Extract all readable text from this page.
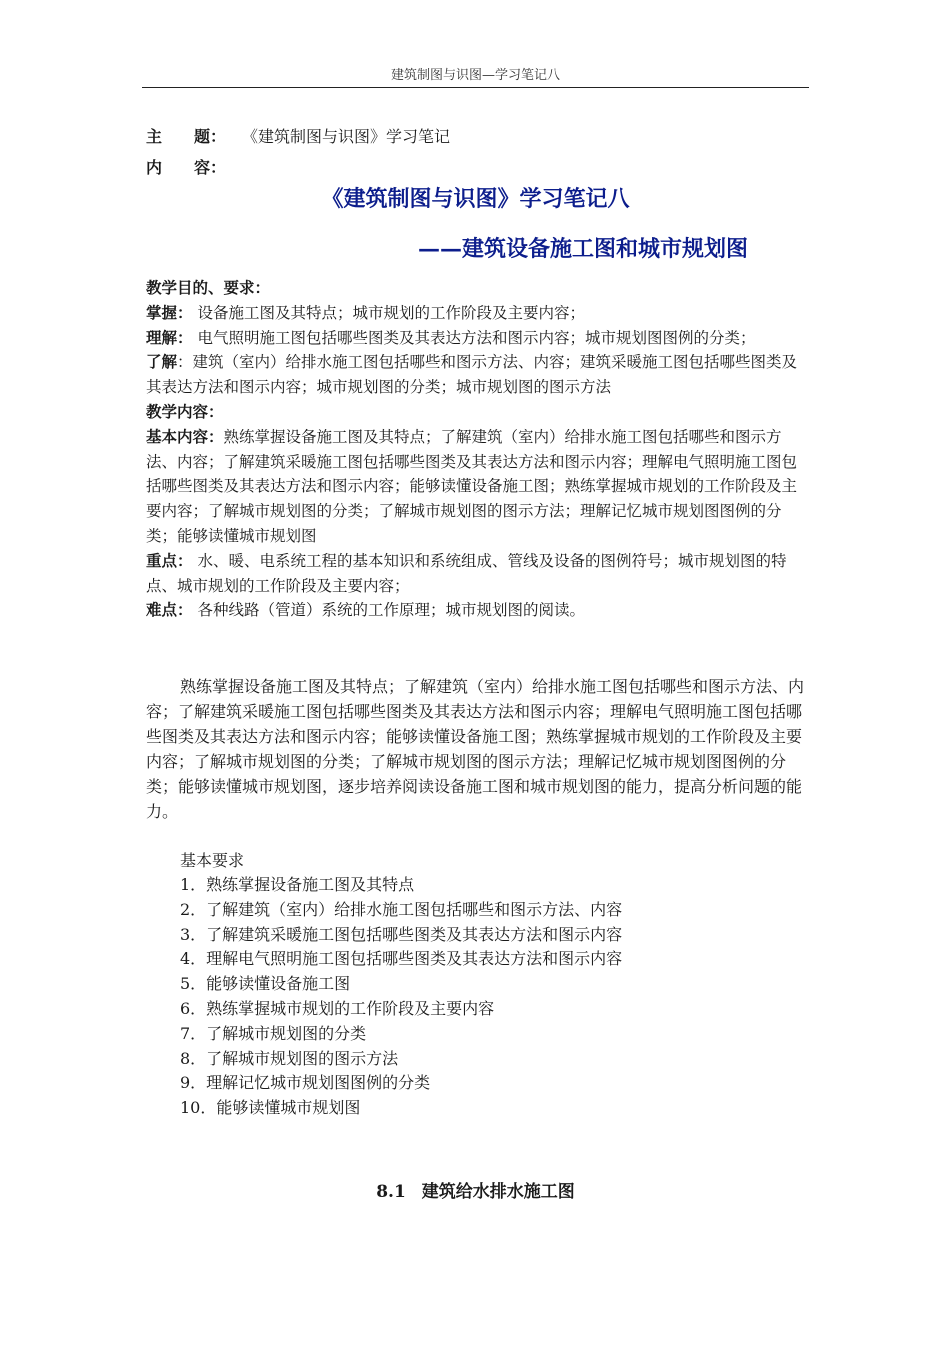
建筑制图与识图—学习笔记八
主　　题： 《建筑制图与识图》学习笔记
内　　容：
《建筑制图与识图》学习笔记八
——建筑设备施工图和城市规划图
教学目的、要求：
掌握： 设备施工图及其特点；城市规划的工作阶段及主要内容；
理解： 电气照明施工图包括哪些图类及其表达方法和图示内容；城市规划图图例的分类；
了解：建筑（室内）给排水施工图包括哪些和图示方法、内容；建筑采暖施工图包括哪些图类及其表达方法和图示内容；城市规划图的分类；城市规划图的图示方法
教学内容：
基本内容：熟练掌握设备施工图及其特点；了解建筑（室内）给排水施工图包括哪些和图示方法、内容；了解建筑采暖施工图包括哪些图类及其表达方法和图示内容；理解电气照明施工图包括哪些图类及其表达方法和图示内容；能够读懂设备施工图；熟练掌握城市规划的工作阶段及主要内容；了解城市规划图的分类；了解城市规划图的图示方法；理解记忆城市规划图图例的分类；能够读懂城市规划图
重点： 水、暖、电系统工程的基本知识和系统组成、管线及设备的图例符号；城市规划图的特点、城市规划的工作阶段及主要内容；
难点： 各种线路（管道）系统的工作原理；城市规划图的阅读。
熟练掌握设备施工图及其特点；了解建筑（室内）给排水施工图包括哪些和图示方法、内容；了解建筑采暖施工图包括哪些图类及其表达方法和图示内容；理解电气照明施工图包括哪些图类及其表达方法和图示内容；能够读懂设备施工图；熟练掌握城市规划的工作阶段及主要内容；了解城市规划图的分类；了解城市规划图的图示方法；理解记忆城市规划图图例的分类；能够读懂城市规划图，逐步培养阅读设备施工图和城市规划图的能力，提高分析问题的能力。
基本要求
1．熟练掌握设备施工图及其特点
2．了解建筑（室内）给排水施工图包括哪些和图示方法、内容
3．了解建筑采暖施工图包括哪些图类及其表达方法和图示内容
4．理解电气照明施工图包括哪些图类及其表达方法和图示内容
5．能够读懂设备施工图
6．熟练掌握城市规划的工作阶段及主要内容
7．了解城市规划图的分类
8．了解城市规划图的图示方法
9．理解记忆城市规划图图例的分类
10．能够读懂城市规划图
8.1 建筑给水排水施工图
